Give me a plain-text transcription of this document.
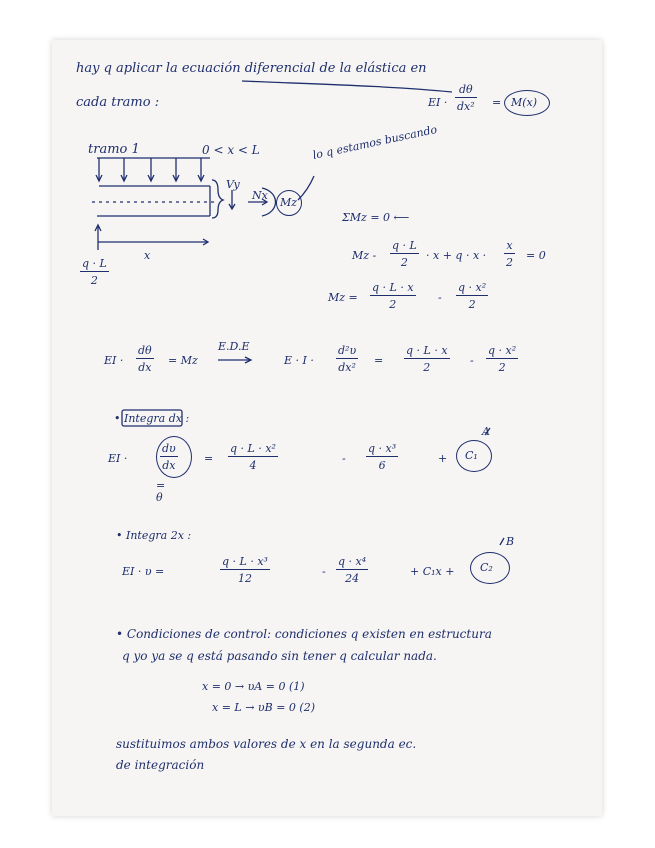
hay q aplicar la ecuación diferencial de la elástica en
cada tramo :	EI · $\frac{d\theta}{\text{dx²}} = M(x)$
tramo 1	0 < x < L
Vy
Nx
Mz
lo q estamos buscando
x
$\frac{q \cdot L}{2}$
ΣMz = 0 ⟵
$Mz - \frac{q \cdot L}{2} \cdot x + q \cdot x \cdot \frac{x}{2} = 0$
$Mz = \frac{q \cdot L \cdot x}{2} - \frac{\text{q · x²}}{2}$
EI · $\frac{d\theta}{dx} = Mz$
E.D.E
$E \cdot I \cdot \frac{\text{d²υ}}{\text{dx²}} = \frac{q \cdot L \cdot x}{2} - \frac{\text{q · x²}}{2}$
• Integra dx :
EI ·	$\frac{d\upsilon}{dx}$
=
θ
= $\frac{\text{q · L · x²}}{4}$	- $\frac{\text{q · x³}}{6}$	+ C₁
A
• Integra 2x :
EI · υ =	$\frac{\text{q · L · x³}}{12}$	- $\frac{\text{q · x⁴}}{24}$	+ C₁x + C₂
B
• Condiciones de control: condiciones q existen en estructura
q yo ya se q está pasando sin tener q calcular nada.
x = 0 → υA = 0 (1)
x = L → υB = 0 (2)
sustituimos ambos valores de x en la segunda ec.
de integración
